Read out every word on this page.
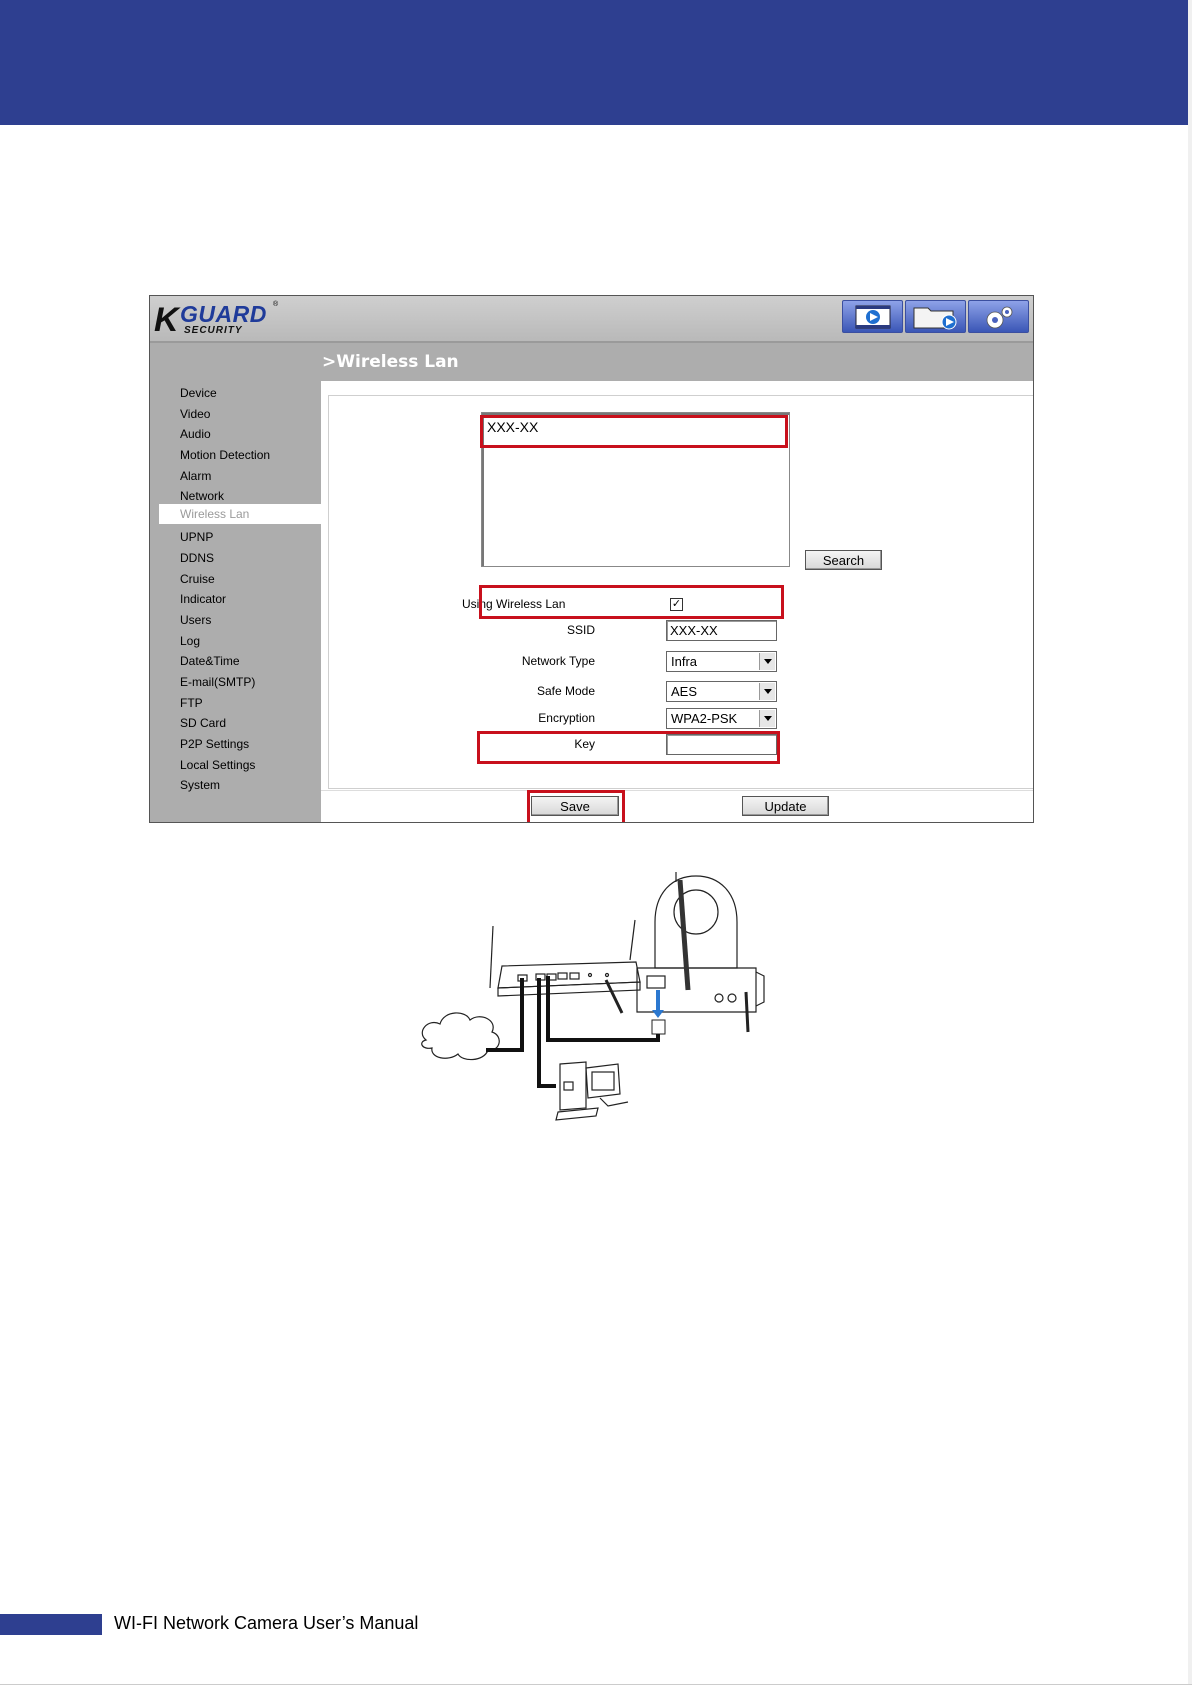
K GUARD
SECURITY
®
Device
Video
Audio
Motion Detection
Alarm
Network
Wireless Lan
UPNP
DDNS
Cruise
Indicator
Users
Log
Date&Time
E-mail(SMTP)
FTP
SD Card
P2P Settings
Local Settings
System
>Wireless Lan
XXX-XX
Search
Using Wireless Lan	✓
SSID	XXX-XX
Network Type	Infra
Safe Mode	AES
Encryption	WPA2-PSK
Key
Save	Update
WI-FI Network Camera User’s Manual
